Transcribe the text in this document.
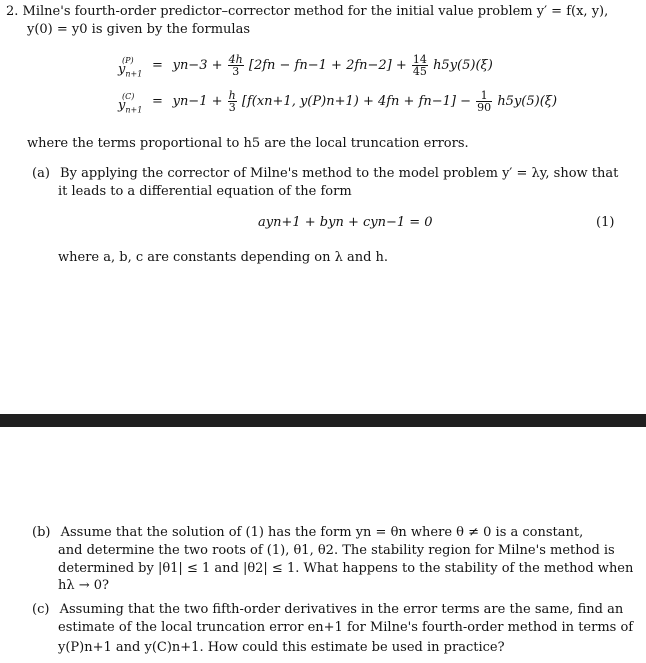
2. Milne's fourth-order predictor–corrector method for the initial value problem y′ = f(x, y),
y(0) = y0 is given by the formulas
(P)
$y_{n+1}$
= $yn-3 + \frac{4h}{3} [2fn - fn-1 + 2fn-2] + \frac{14}{45} h5y(5)(\xi)$
(C)
$y_{n+1}$
= $yn-1 + \frac{h}{3} [f(xn+1$, $y(P)n+1) + 4fn + fn-1] - \frac{1}{90} h5y(5)(\xi)$
where the terms proportional to h5 are the local truncation errors.
(a) By applying the corrector of Milne's method to the model problem y′ = λy, show that
it leads to a differential equation of the form
ayn+1 + byn + cyn−1 = 0	(1)
where a, b, c are constants depending on λ and h.
(b) Assume that the solution of (1) has the form yn = θn where θ ≠ 0 is a constant,
and determine the two roots of (1), θ1, θ2. The stability region for Milne's method is
determined by |θ1| ≤ 1 and |θ2| ≤ 1. What happens to the stability of the method when
hλ → 0?
(c) Assuming that the two fifth-order derivatives in the error terms are the same, find an
estimate of the local truncation error en+1 for Milne's fourth-order method in terms of
y(P)n+1 and y(C)n+1. How could this estimate be used in practice?
